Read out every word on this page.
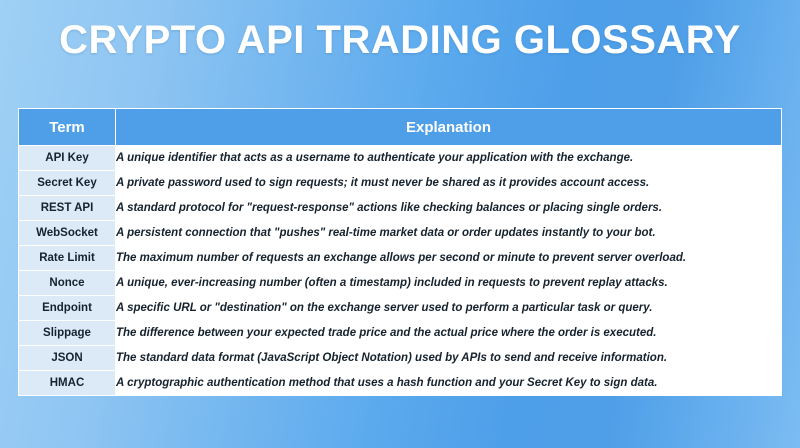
CRYPTO API TRADING GLOSSARY
Term	Explanation
API Key	A unique identifier that acts as a username to authenticate your application with the exchange.
Secret Key	A private password used to sign requests; it must never be shared as it provides account access.
REST API	A standard protocol for "request-response" actions like checking balances or placing single orders.
WebSocket	A persistent connection that "pushes" real-time market data or order updates instantly to your bot.
Rate Limit	The maximum number of requests an exchange allows per second or minute to prevent server overload.
Nonce	A unique, ever-increasing number (often a timestamp) included in requests to prevent replay attacks.
Endpoint	A specific URL or "destination" on the exchange server used to perform a particular task or query.
Slippage	The difference between your expected trade price and the actual price where the order is executed.
JSON	The standard data format (JavaScript Object Notation) used by APIs to send and receive information.
HMAC	A cryptographic authentication method that uses a hash function and your Secret Key to sign data.
